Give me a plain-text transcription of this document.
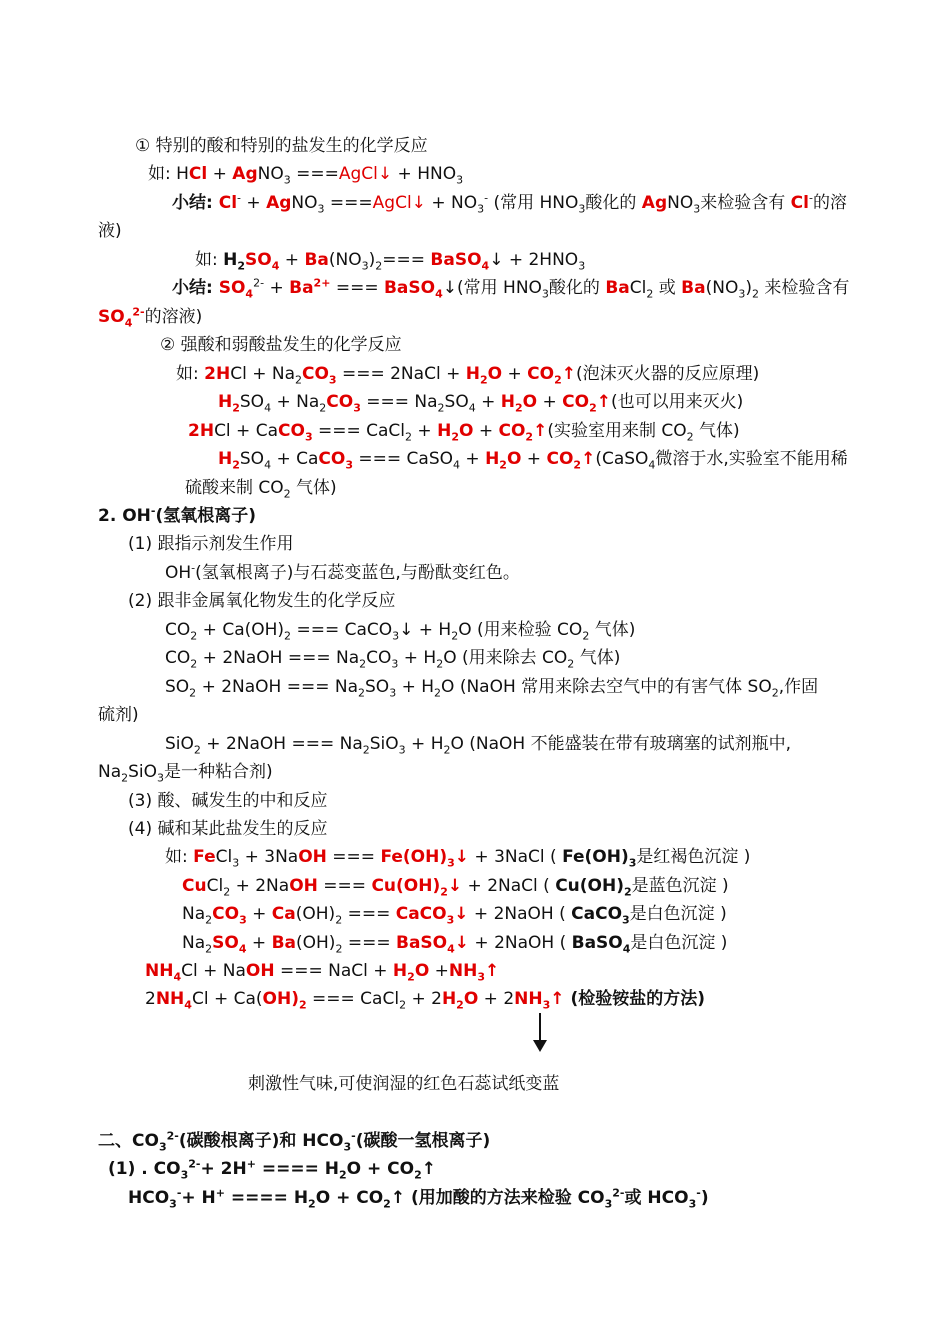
① 特别的酸和特别的盐发生的化学反应
如: HCl + AgNO$_3$ ===AgCl↓ + $HNO_3$
小结: Cl- + AgNO$_3$ ===AgCl↓ + $NO_3^-$ (常用 $HNO_3$酸化的 AgNO$_3$来检验含有 Cl-的溶
液)
如: $H_2SO_4 + Ba(NO_3)_2===$ BaSO$_4$↓ + $2HNO_3$
小结: $SO_4^{2-} + Ba^{2+}$ === BaSO$_4$↓(常用 $HNO_3$酸化的 BaCl$_2$ 或 $Ba(NO_3)_2$ 来检验含有
$SO_4^{2-}$的溶液)
② 强酸和弱酸盐发生的化学反应
如: $2HCl + Na_2CO_3$ === 2NaCl + $H_2O$ + $CO_2↑$(泡沫灭火器的反应原理)
$H_2SO_4 + Na_2CO_3$ === $Na_2SO_4 + H_2O$ + $CO_2↑$(也可以用来灭火)
2HCl + CaCO$_3$ === CaCl$_2$ + $H_2O$ + $CO_2↑$(实验室用来制 $CO_2$ 气体)
$H_2SO_4$ + CaCO$_3$ === CaSO$_4$ + $H_2O$ + $CO_2↑(CaSO_4$微溶于水,实验室不能用稀
硫酸来制 $CO_2$ 气体)
2. OH-(氢氧根离子)
(1) 跟指示剂发生作用
OH-(氢氧根离子)与石蕊变蓝色,与酚酞变红色。
(2) 跟非金属氧化物发生的化学反应
$CO_2 + Ca(OH)_2$ === CaCO$_3$↓ + $H_2O$ (用来检验 $CO_2$ 气体)
$CO_2$ + 2NaOH === $Na_2CO_3 + H_2O$ (用来除去 $CO_2$ 气体)
$SO_2$ + 2NaOH === $Na_2SO_3 + H_2O$ (NaOH 常用来除去空气中的有害气体 $SO_2$,作固
硫剂)
SiO$_2$ + 2NaOH === $Na_2SiO_3 + H_2O$ (NaOH 不能盛装在带有玻璃塞的试剂瓶中,
$Na_2SiO_3$是一种粘合剂)
(3) 酸、碱发生的中和反应
(4) 碱和某此盐发生的反应
如: FeCl$_3$ + 3NaOH === $Fe(OH)_3↓$ + 3NaCl ( $Fe(OH)_3$是红褐色沉淀 )
CuCl$_2$ + 2NaOH === $Cu(OH)_2↓$ + 2NaCl ( $Cu(OH)_2$是蓝色沉淀 )
$Na_2CO_3 + Ca(OH)_2$ === CaCO$_3$↓ + 2NaOH ( CaCO$_3$是白色沉淀 )
$Na_2SO_4 + Ba(OH)_2$ === BaSO$_4$↓ + 2NaOH ( BaSO$_4$是白色沉淀 )
$NH_4Cl$ + NaOH === NaCl + $H_2O$ $+NH_3↑$
$2NH_4Cl + Ca(OH)_2$ === CaCl$_2$ + $2H_2O$ + $2NH_3↑$ (检验铵盐的方法)
刺激性气味,可使润湿的红色石蕊试纸变蓝
二、$CO_3^{2-}$(碳酸根离子)和 $HCO_3^-$(碳酸一氢根离子)
(1) . $CO_3^{2-}+ 2H^+$ ==== $H_2O$ + $CO_2↑$
$HCO_3^-+ H^+$ ==== $H_2O$ + $CO_2↑$ (用加酸的方法来检验 $CO_3^{2-}$或 $HCO_3^-$)
